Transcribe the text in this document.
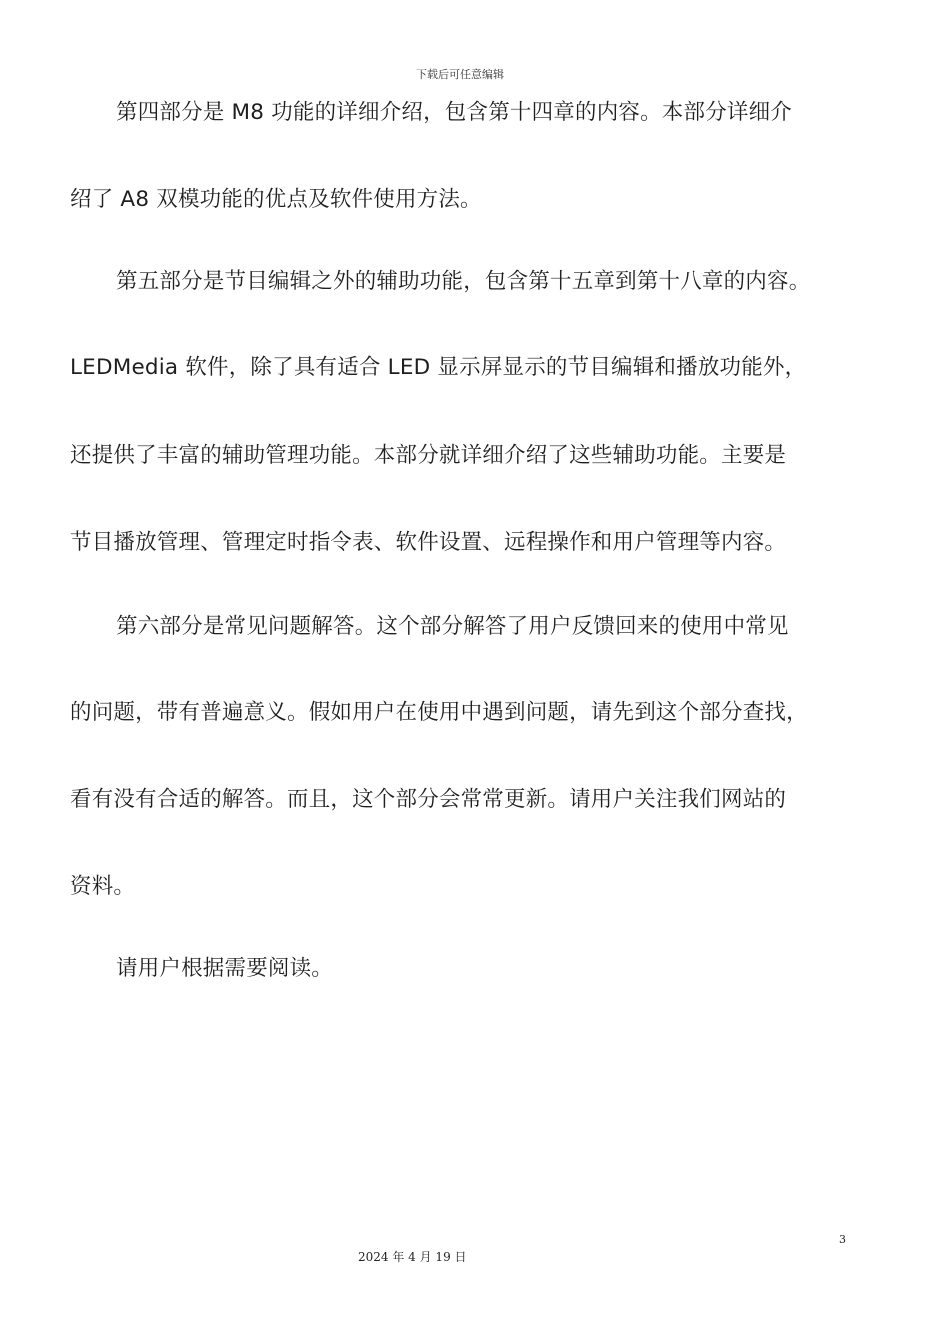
下载后可任意编辑
第四部分是 M8 功能的详细介绍，包含第十四章的内容。本部分详细介
绍了 A8 双模功能的优点及软件使用方法。
第五部分是节目编辑之外的辅助功能，包含第十五章到第十八章的内容。
LEDMedia 软件，除了具有适合 LED 显示屏显示的节目编辑和播放功能外，
还提供了丰富的辅助管理功能。本部分就详细介绍了这些辅助功能。主要是
节目播放管理、管理定时指令表、软件设置、远程操作和用户管理等内容。
第六部分是常见问题解答。这个部分解答了用户反馈回来的使用中常见
的问题，带有普遍意义。假如用户在使用中遇到问题，请先到这个部分查找，
看有没有合适的解答。而且，这个部分会常常更新。请用户关注我们网站的
资料。
请用户根据需要阅读。
3
2024 年 4 月 19 日
